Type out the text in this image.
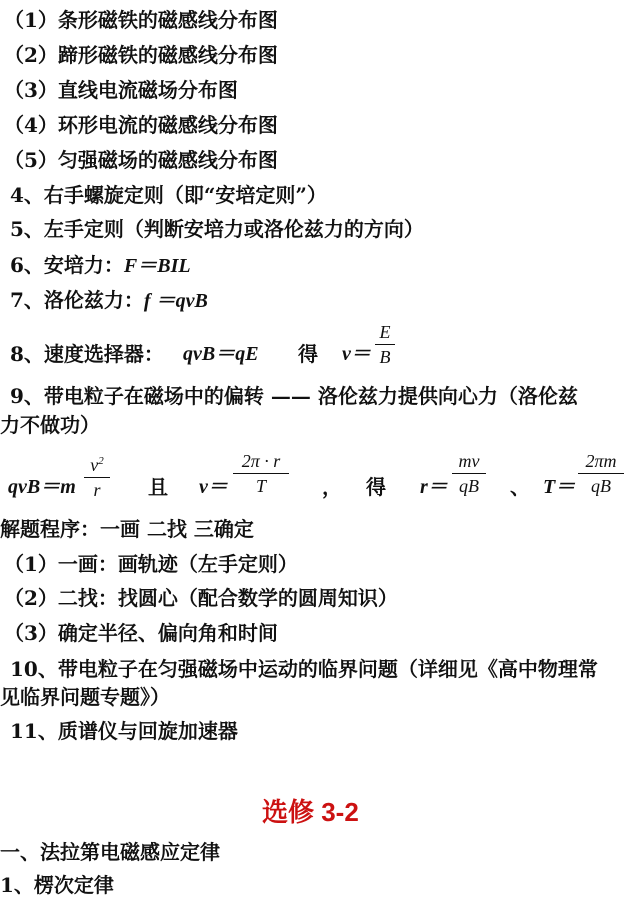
（1）条形磁铁的磁感线分布图
（2）蹄形磁铁的磁感线分布图
（3）直线电流磁场分布图
（4）环形电流的磁感线分布图
（5）匀强磁场的磁感线分布图
4、右手螺旋定则（即“安培定则”）
5、左手定则（判断安培力或洛伦兹力的方向）
6、安培力：F＝BIL
7、洛伦兹力：f ＝qvB
8、速度选择器： qvB＝qE 得 v＝
E
B
9、带电粒子在磁场中的偏转 —— 洛伦兹力提供向心力（洛伦兹
力不做功）
qvB＝m
$v^2$
r	且 v＝
2π · r
T	， 得 r＝
mv
qB	、 T＝
2πm
qB
解题程序：一画 二找 三确定
（1）一画：画轨迹（左手定则）
（2）二找：找圆心（配合数学的圆周知识）
（3）确定半径、偏向角和时间
10、带电粒子在匀强磁场中运动的临界问题（详细见《高中物理常
见临界问题专题》）
11、质谱仪与回旋加速器
选修 3-2
一、法拉第电磁感应定律
1、楞次定律
